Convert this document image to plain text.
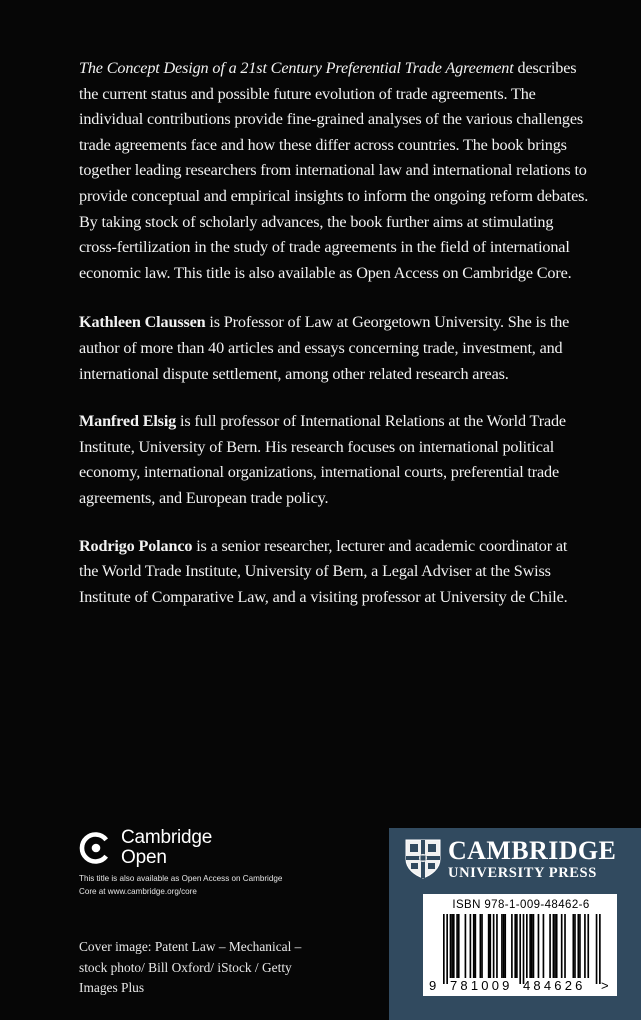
The Concept Design of a 21st Century Preferential Trade Agreement describes the current status and possible future evolution of trade agreements. The individual contributions provide fine-grained analyses of the various challenges trade agreements face and how these differ across countries. The book brings together leading researchers from international law and international relations to provide conceptual and empirical insights to inform the ongoing reform debates. By taking stock of scholarly advances, the book further aims at stimulating cross-fertilization in the study of trade agreements in the field of international economic law. This title is also available as Open Access on Cambridge Core.

Kathleen Claussen is Professor of Law at Georgetown University. She is the author of more than 40 articles and essays concerning trade, investment, and international dispute settlement, among other related research areas.

Manfred Elsig is full professor of International Relations at the World Trade Institute, University of Bern. His research focuses on international political economy, international organizations, international courts, preferential trade agreements, and European trade policy.

Rodrigo Polanco is a senior researcher, lecturer and academic coordinator at the World Trade Institute, University of Bern, a Legal Adviser at the Swiss Institute of Comparative Law, and a visiting professor at University de Chile.

Cambridge
Open
This title is also available as Open Access on Cambridge Core at www.cambridge.org/core
Cover image: Patent Law – Mechanical – stock photo/ Bill Oxford/ iStock / Getty Images Plus
CAMBRIDGE
UNIVERSITY PRESS
ISBN 978-1-009-48462-6
9 781009 484626 >
